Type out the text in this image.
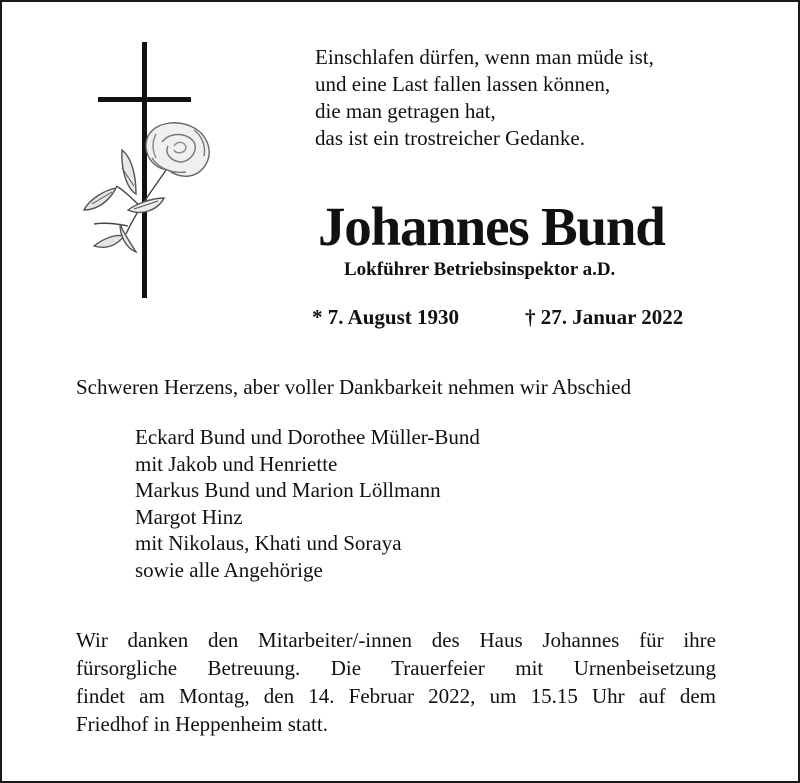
Einschlafen dürfen, wenn man müde ist,
und eine Last fallen lassen können,
die man getragen hat,
das ist ein trostreicher Gedanke.
Johannes Bund
Lokführer Betriebsinspektor a.D.
* 7. August 1930	† 27. Januar 2022
Schweren Herzens, aber voller Dankbarkeit nehmen wir Abschied
Eckard Bund und Dorothee Müller-Bund
mit Jakob und Henriette
Markus Bund und Marion Löllmann
Margot Hinz
mit Nikolaus, Khati und Soraya
sowie alle Angehörige
Wir danken den Mitarbeiter/-innen des Haus Johannes für ihre
fürsorgliche Betreuung. Die Trauerfeier mit Urnenbeisetzung
findet am Montag, den 14. Februar 2022, um 15.15 Uhr auf dem
Friedhof in Heppenheim statt.
